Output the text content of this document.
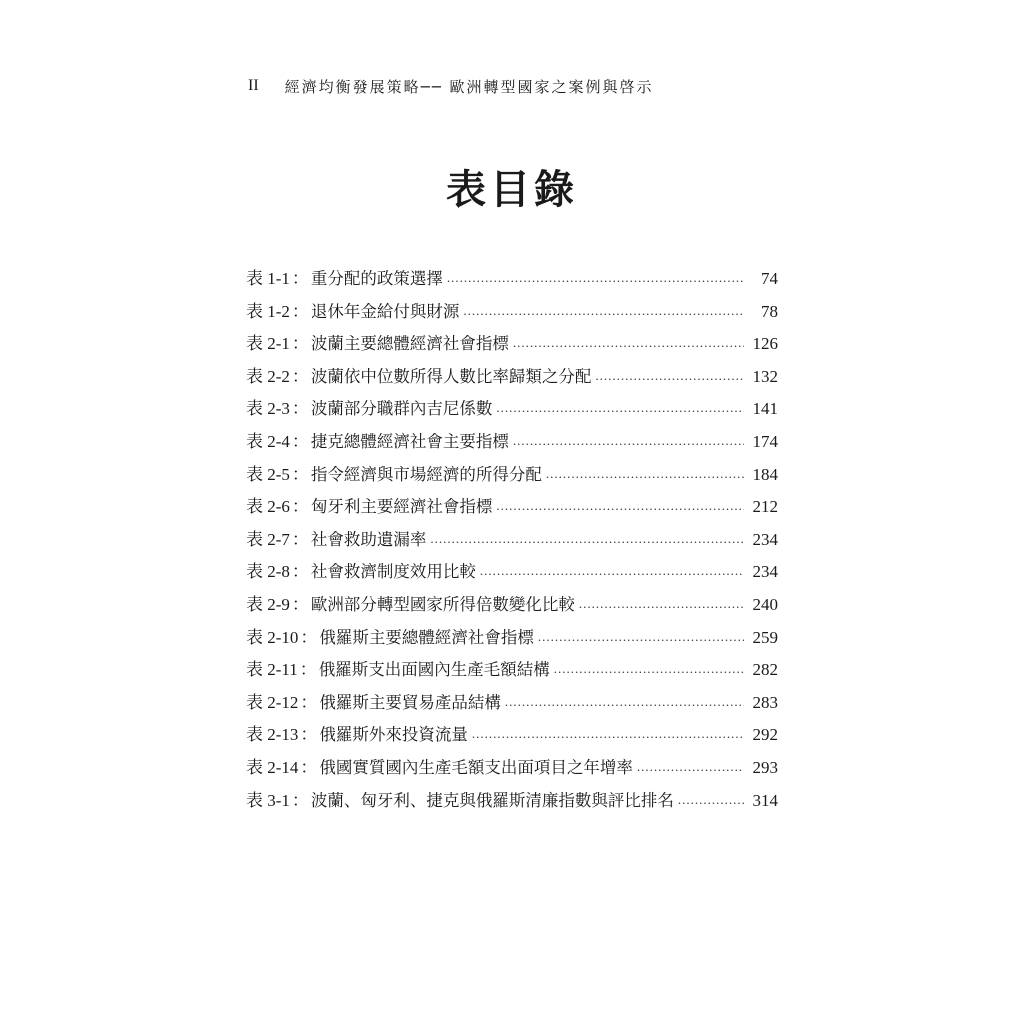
II 經濟均衡發展策略── 歐洲轉型國家之案例與啓示
表目錄
表 1-1 ： 重分配的政策選擇 .....	74
表 1-2 ： 退休年金給付與財源 .....	78
表 2-1 ： 波蘭主要總體經濟社會指標 .....	126
表 2-2 ： 波蘭依中位數所得人數比率歸類之分配 .....	132
表 2-3 ： 波蘭部分職群內吉尼係數 .....	141
表 2-4 ： 捷克總體經濟社會主要指標 .....	174
表 2-5 ： 指令經濟與市場經濟的所得分配 .....	184
表 2-6 ： 匈牙利主要經濟社會指標 .....	212
表 2-7 ： 社會救助遺漏率 .....	234
表 2-8 ： 社會救濟制度效用比較 .....	234
表 2-9 ： 歐洲部分轉型國家所得倍數變化比較 .....	240
表 2-10 ： 俄羅斯主要總體經濟社會指標 .....	259
表 2-11 ： 俄羅斯支出面國內生產毛額結構 .....	282
表 2-12 ： 俄羅斯主要貿易產品結構 .....	283
表 2-13 ： 俄羅斯外來投資流量 .....	292
表 2-14 ： 俄國實質國內生產毛額支出面項目之年增率 .....	293
表 3-1 ： 波蘭、匈牙利、捷克與俄羅斯清廉指數與評比排名 .....	314
